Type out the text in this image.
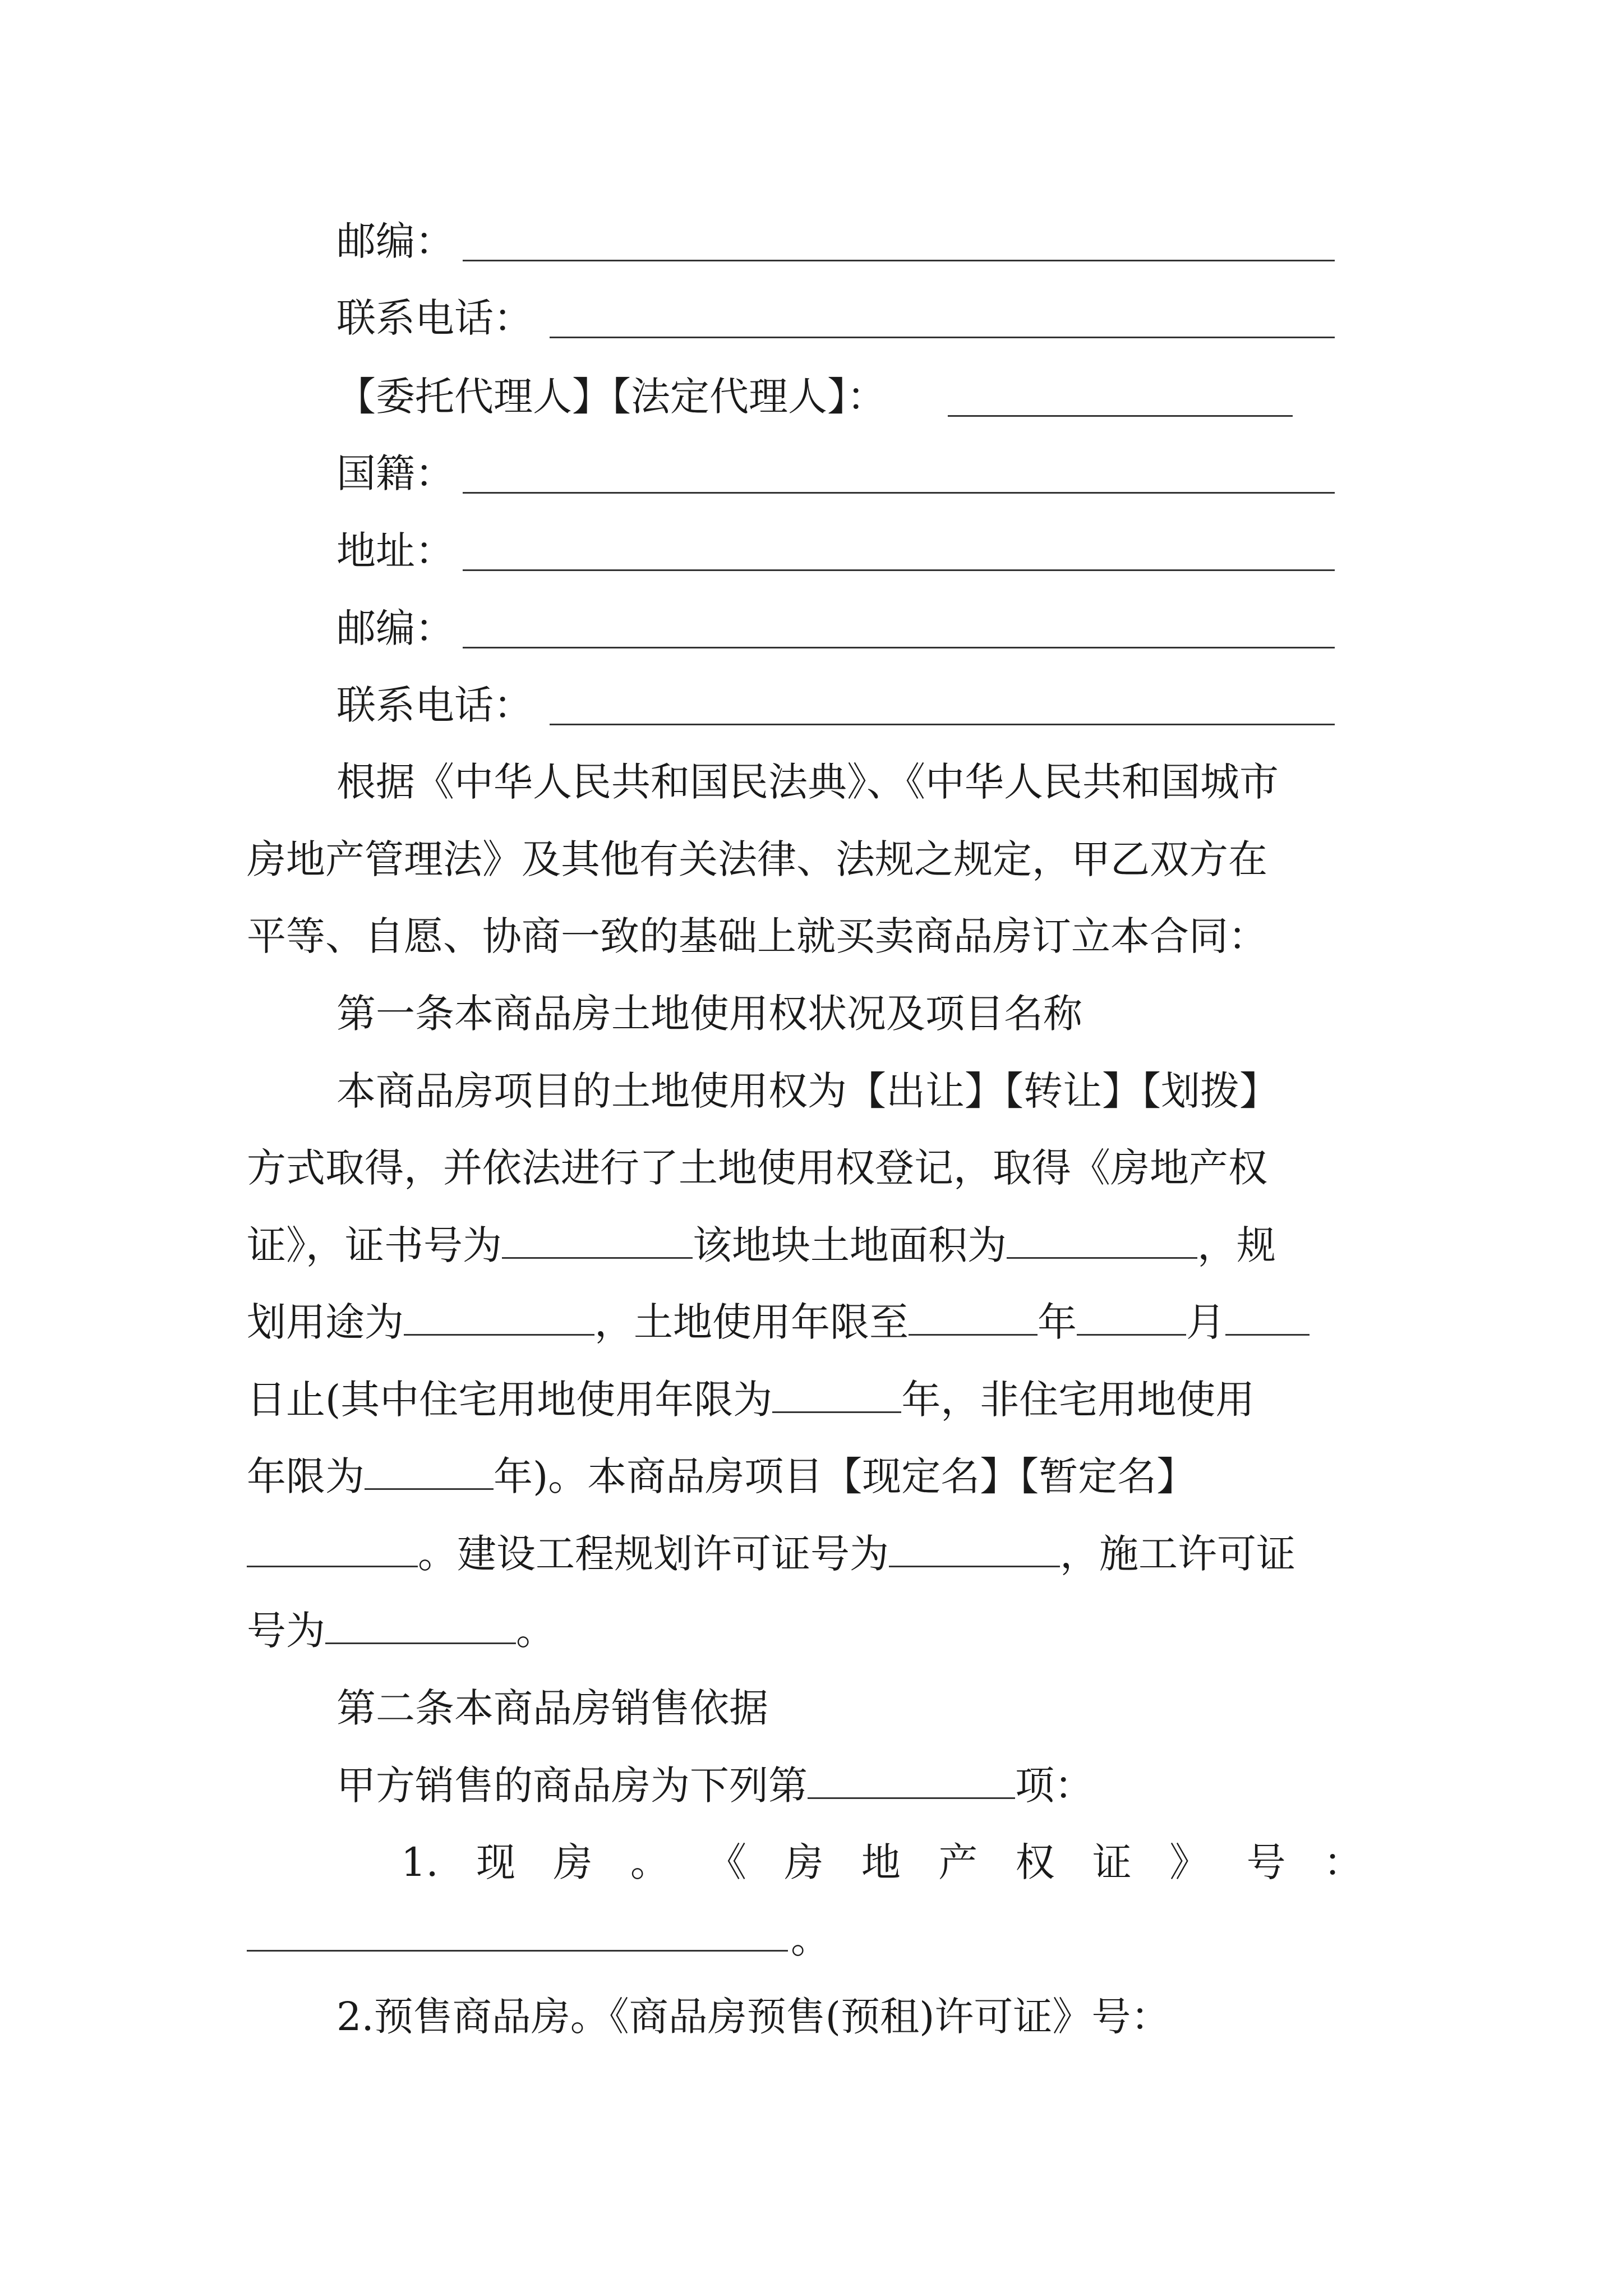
邮编：
联系电话：
【委托代理人】【法定代理人】：
国籍：
地址：
邮编：
联系电话：
根据《中华人民共和国民法典》、《中华人民共和国城市
房地产管理法》及其他有关法律、法规之规定，甲乙双方在
平等、自愿、协商一致的基础上就买卖商品房订立本合同：
第一条本商品房土地使用权状况及项目名称
本商品房项目的土地使用权为【出让】【转让】【划拨】
方式取得，并依法进行了土地使用权登记，取得《房地产权
证》，证书号为	该地块土地面积为	，规
划用途为	，土地使用年限至	年	月
日止(其中住宅用地使用年限为	年，非住宅用地使用
年限为	年)。本商品房项目【现定名】【暂定名】
。建设工程规划许可证号为	，施工许可证
号为	。
第二条本商品房销售依据
甲方销售的商品房为下列第	项：
1. 现 房 。 《 房 地 产 权 证 》 号 ：
。
2.预售商品房。《商品房预售(预租)许可证》号：
